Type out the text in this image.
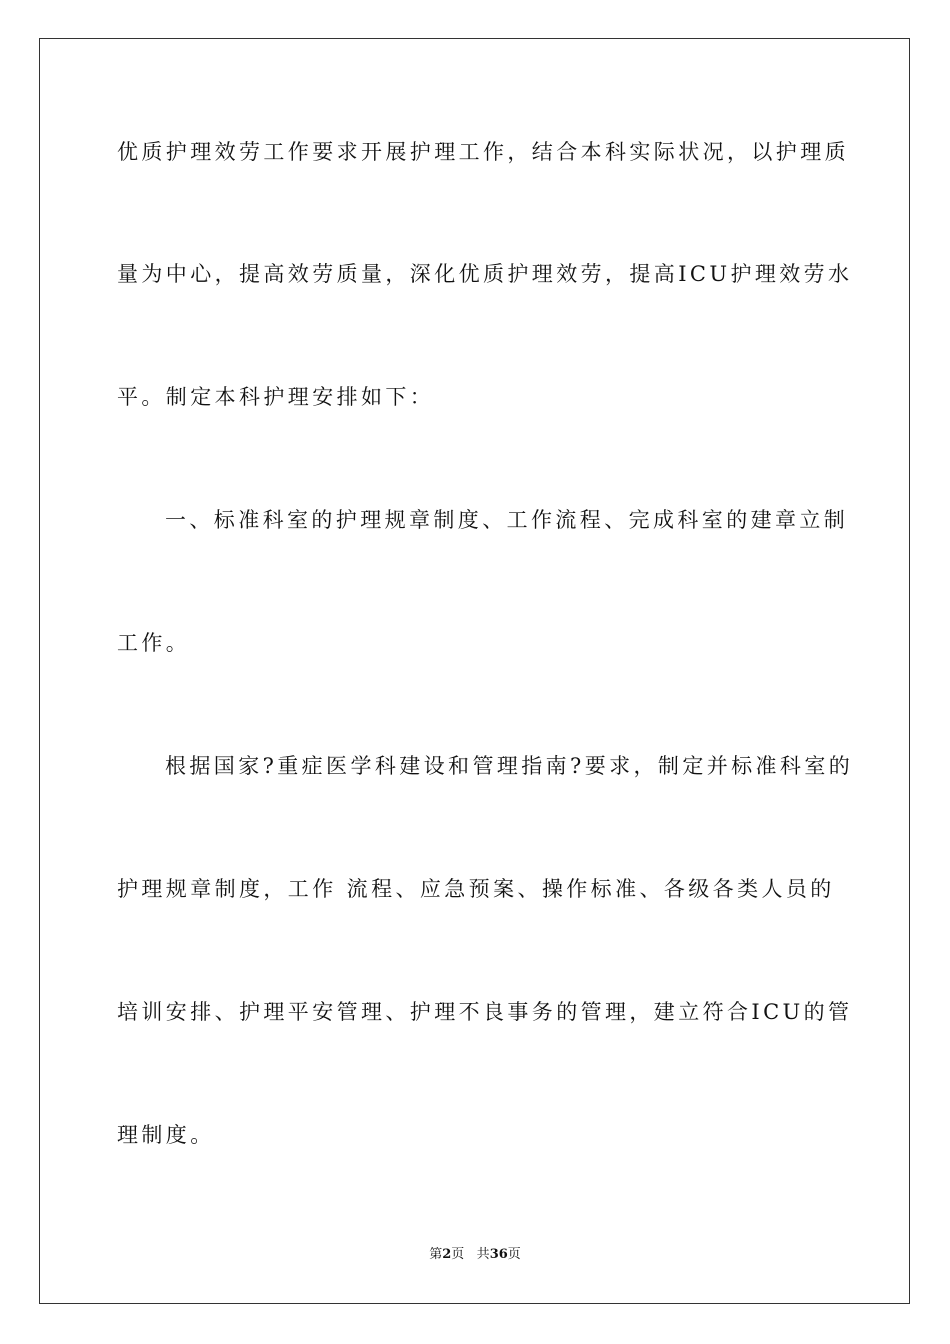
优质护理效劳工作要求开展护理工作，结合本科实际状况，以护理质

量为中心，提高效劳质量，深化优质护理效劳，提高ICU护理效劳水

平。制定本科护理安排如下：

一、标准科室的护理规章制度、工作流程、完成科室的建章立制

工作。

根据国家?重症医学科建设和管理指南?要求，制定并标准科室的

护理规章制度，工作 流程、应急预案、操作标准、各级各类人员的

培训安排、护理平安管理、护理不良事务的管理，建立符合ICU的管

理制度。

第2页 共36页
